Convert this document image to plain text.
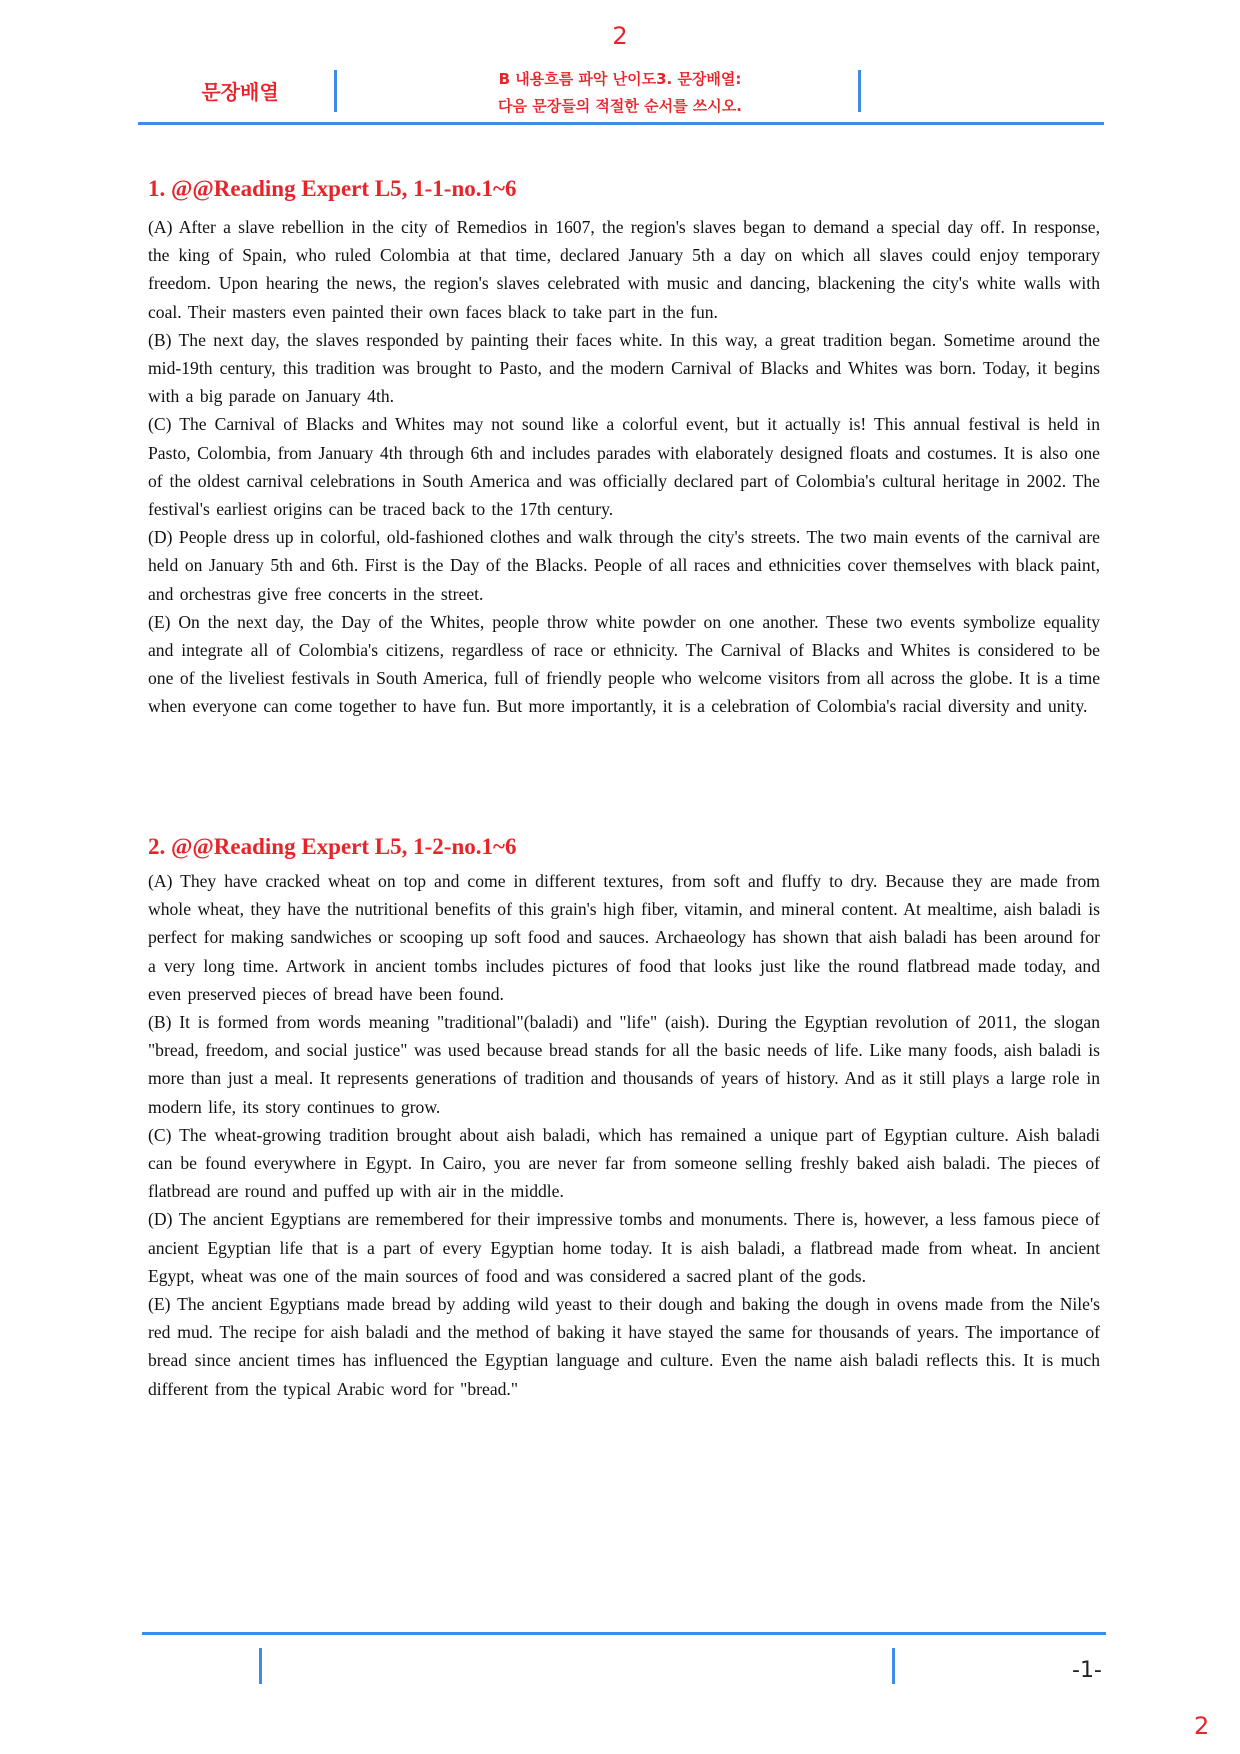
2
문장배열
B 내용흐름 파악 난이도3. 문장배열:
다음 문장들의 적절한 순서를 쓰시오.
1. @@Reading Expert L5, 1-1-no.1~6

(A) After a slave rebellion in the city of Remedios in 1607, the region's slaves began to demand a special day off. In response, the king of Spain, who ruled Colombia at that time, declared January 5th a day on which all slaves could enjoy temporary freedom. Upon hearing the news, the region's slaves celebrated with music and dancing, blackening the city's white walls with coal. Their masters even painted their own faces black to take part in the fun.

(B) The next day, the slaves responded by painting their faces white. In this way, a great tradition began. Sometime around the mid-19th century, this tradition was brought to Pasto, and the modern Carnival of Blacks and Whites was born. Today, it begins with a big parade on January 4th.

(C) The Carnival of Blacks and Whites may not sound like a colorful event, but it actually is! This annual festival is held in Pasto, Colombia, from January 4th through 6th and includes parades with elaborately designed floats and costumes. It is also one of the oldest carnival celebrations in South America and was officially declared part of Colombia's cultural heritage in 2002. The festival's earliest origins can be traced back to the 17th century.

(D) People dress up in colorful, old-fashioned clothes and walk through the city's streets. The two main events of the carnival are held on January 5th and 6th. First is the Day of the Blacks. People of all races and ethnicities cover themselves with black paint, and orchestras give free concerts in the street.

(E) On the next day, the Day of the Whites, people throw white powder on one another. These two events symbolize equality and integrate all of Colombia's citizens, regardless of race or ethnicity. The Carnival of Blacks and Whites is considered to be one of the liveliest festivals in South America, full of friendly people who welcome visitors from all across the globe. It is a time when everyone can come together to have fun. But more importantly, it is a celebration of Colombia's racial diversity and unity.

2. @@Reading Expert L5, 1-2-no.1~6

(A) They have cracked wheat on top and come in different textures, from soft and fluffy to dry. Because they are made from whole wheat, they have the nutritional benefits of this grain's high fiber, vitamin, and mineral content. At mealtime, aish baladi is perfect for making sandwiches or scooping up soft food and sauces. Archaeology has shown that aish baladi has been around for a very long time. Artwork in ancient tombs includes pictures of food that looks just like the round flatbread made today, and even preserved pieces of bread have been found.

(B) It is formed from words meaning "traditional"(baladi) and "life" (aish). During the Egyptian revolution of 2011, the slogan "bread, freedom, and social justice" was used because bread stands for all the basic needs of life. Like many foods, aish baladi is more than just a meal. It represents generations of tradition and thousands of years of history. And as it still plays a large role in modern life, its story continues to grow.

(C) The wheat-growing tradition brought about aish baladi, which has remained a unique part of Egyptian culture. Aish baladi can be found everywhere in Egypt. In Cairo, you are never far from someone selling freshly baked aish baladi. The pieces of flatbread are round and puffed up with air in the middle.

(D) The ancient Egyptians are remembered for their impressive tombs and monuments. There is, however, a less famous piece of ancient Egyptian life that is a part of every Egyptian home today. It is aish baladi, a flatbread made from wheat. In ancient Egypt, wheat was one of the main sources of food and was considered a sacred plant of the gods.

(E) The ancient Egyptians made bread by adding wild yeast to their dough and baking the dough in ovens made from the Nile's red mud. The recipe for aish baladi and the method of baking it have stayed the same for thousands of years. The importance of bread since ancient times has influenced the Egyptian language and culture. Even the name aish baladi reflects this. It is much different from the typical Arabic word for "bread."

-1-
2
